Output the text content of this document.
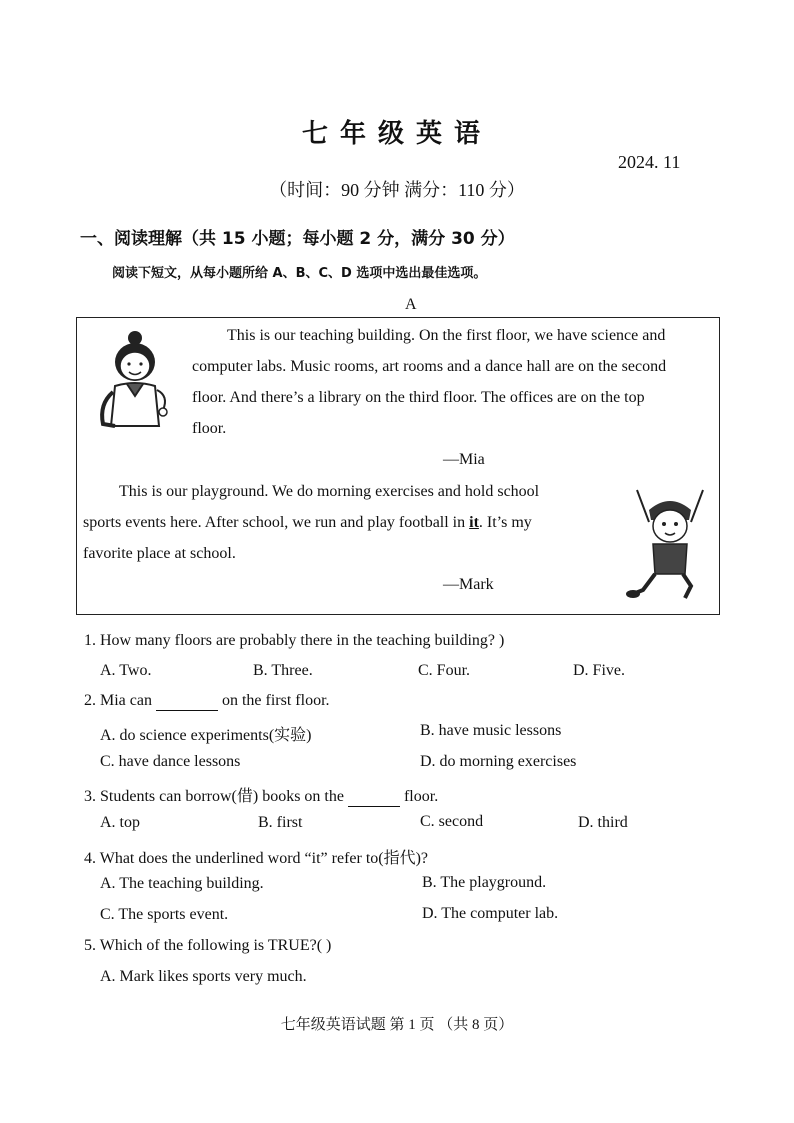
七年级英语
2024. 11
（时间：90 分钟 满分：110 分）
一、阅读理解（共 15 小题；每小题 2 分，满分 30 分）
阅读下短文，从每小题所给 A、B、C、D 选项中选出最佳选项。
A
This is our teaching building. On the first floor, we have science and
computer labs. Music rooms, art rooms and a dance hall are on the second
floor. And there’s a library on the third floor. The offices are on the top
floor.
—Mia
This is our playground. We do morning exercises and hold school
sports events here. After school, we run and play football in it. It’s my
favorite place at school.
—Mark
1. How many floors are probably there in the teaching building? )
A. Two.	B. Three.	C. Four.	D. Five.
2. Mia can	on the first floor.
A. do science experiments(实验)	B. have music lessons
C. have dance lessons	D. do morning exercises
3. Students can borrow(借) books on the	floor.
A. top	B. first	C. second	D. third
4. What does the underlined word “it” refer to(指代)?
A. The teaching building.	B. The playground.
C. The sports event.	D. The computer lab.
5. Which of the following is TRUE?( )
A. Mark likes sports very much.
七年级英语试题 第 1 页 （共 8 页）
